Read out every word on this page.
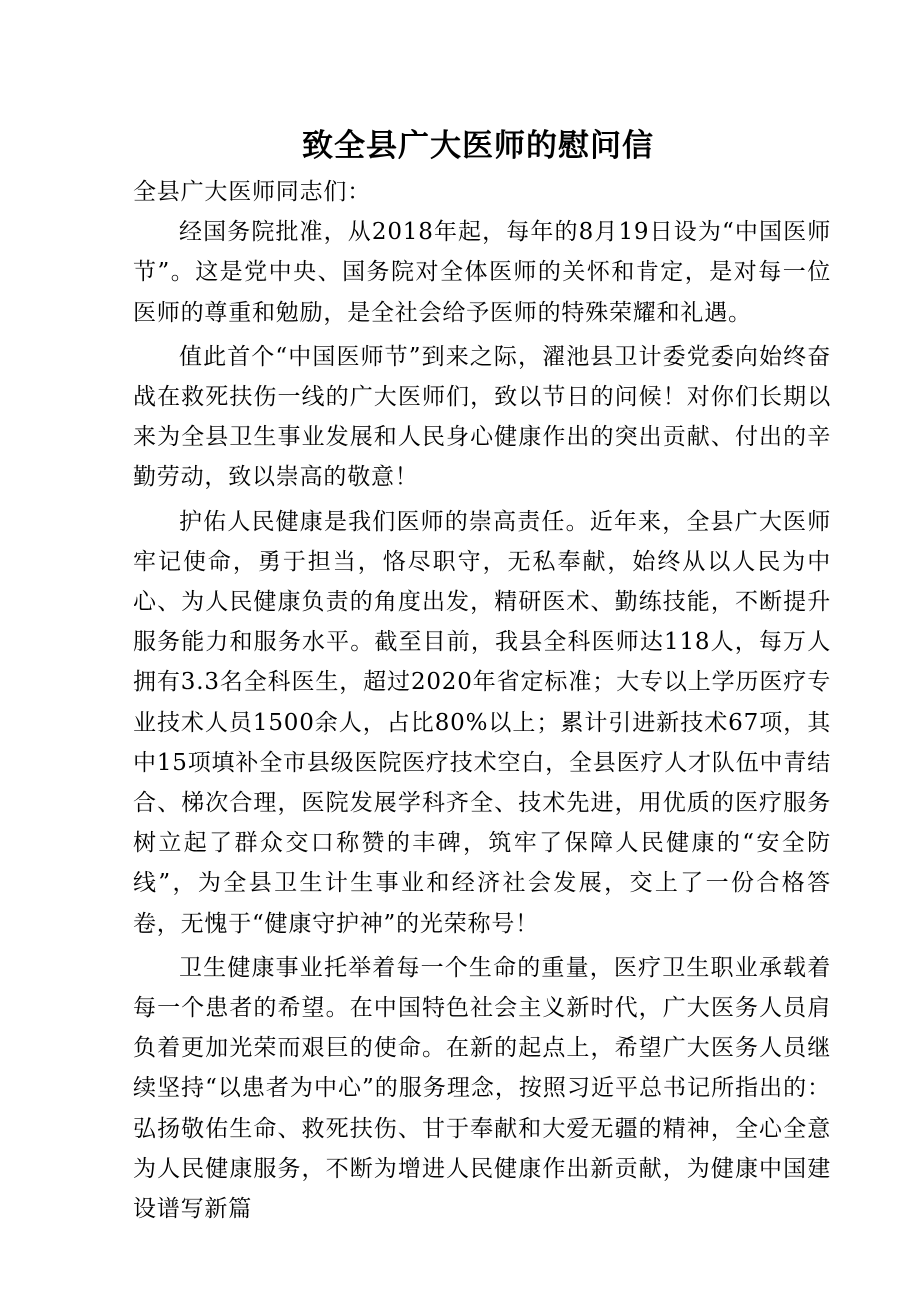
致全县广大医师的慰问信

全县广大医师同志们：

经国务院批准，从2018年起，每年的8月19日设为“中国医师节”。这是党中央、国务院对全体医师的关怀和肯定，是对每一位医师的尊重和勉励，是全社会给予医师的特殊荣耀和礼遇。

值此首个“中国医师节”到来之际，濯池县卫计委党委向始终奋战在救死扶伤一线的广大医师们，致以节日的问候！对你们长期以来为全县卫生事业发展和人民身心健康作出的突出贡献、付出的辛勤劳动，致以崇高的敬意！

护佑人民健康是我们医师的崇高责任。近年来，全县广大医师牢记使命，勇于担当，恪尽职守，无私奉献，始终从以人民为中心、为人民健康负责的角度出发，精研医术、勤练技能，不断提升服务能力和服务水平。截至目前，我县全科医师达118人，每万人拥有3.3名全科医生，超过2020年省定标准；大专以上学历医疗专业技术人员1500余人，占比80%以上；累计引进新技术67项，其中15项填补全市县级医院医疗技术空白，全县医疗人才队伍中青结合、梯次合理，医院发展学科齐全、技术先进，用优质的医疗服务树立起了群众交口称赞的丰碑，筑牢了保障人民健康的“安全防线”，为全县卫生计生事业和经济社会发展，交上了一份合格答卷，无愧于“健康守护神”的光荣称号！

卫生健康事业托举着每一个生命的重量，医疗卫生职业承载着每一个患者的希望。在中国特色社会主义新时代，广大医务人员肩负着更加光荣而艰巨的使命。在新的起点上，希望广大医务人员继续坚持“以患者为中心”的服务理念，按照习近平总书记所指出的：弘扬敬佑生命、救死扶伤、甘于奉献和大爱无疆的精神，全心全意为人民健康服务，不断为增进人民健康作出新贡献，为健康中国建设谱写新篇
